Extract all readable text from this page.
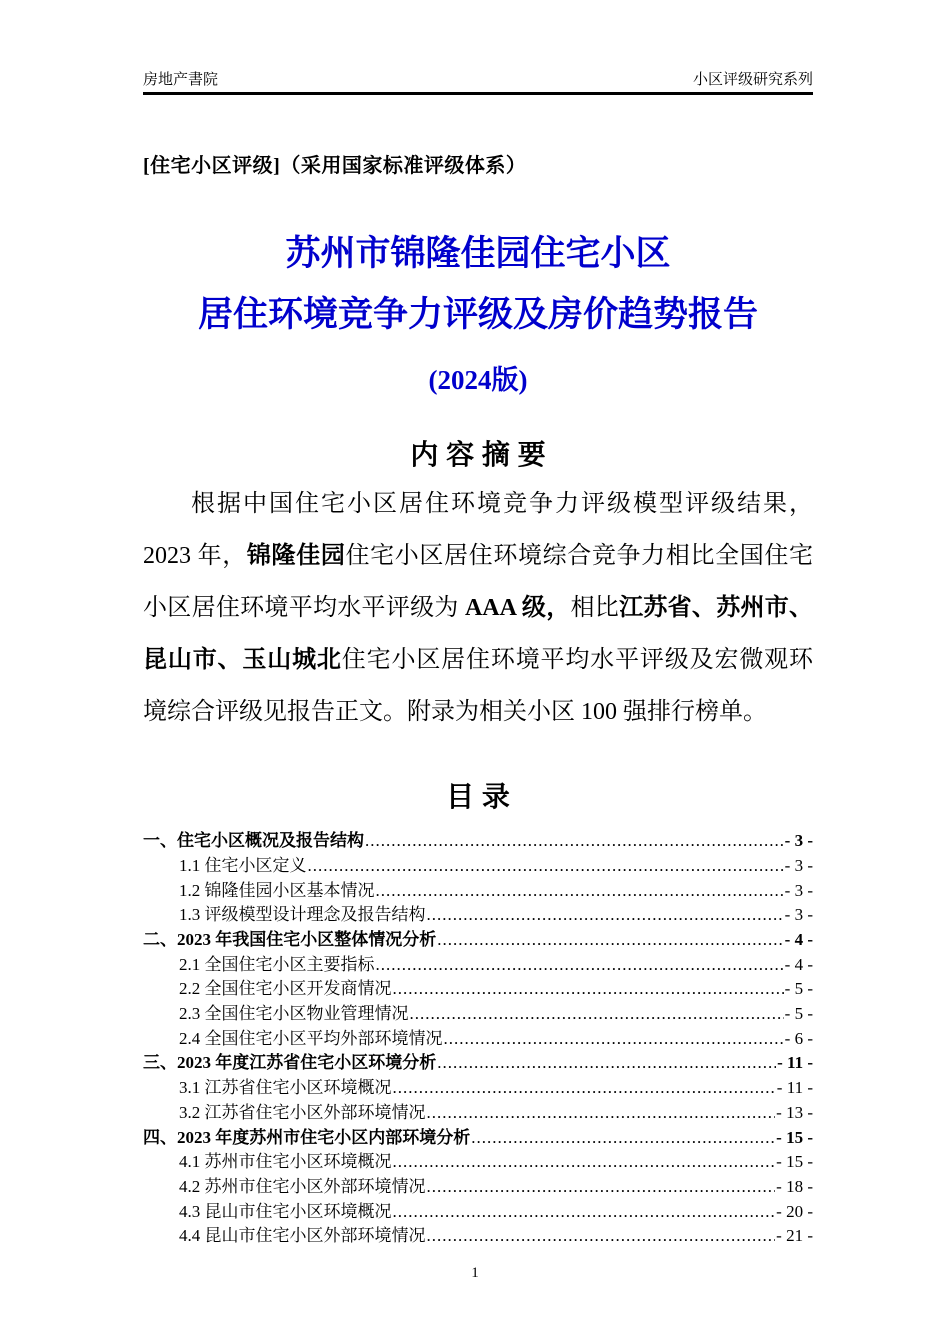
房地产書院	小区评级研究系列

[住宅小区评级]（采用国家标准评级体系）

苏州市锦隆佳园住宅小区
居住环境竞争力评级及房价趋势报告
(2024版)
内 容 摘 要

根据中国住宅小区居住环境竞争力评级模型评级结果，2023 年，锦隆佳园住宅小区居住环境综合竞争力相比全国住宅小区居住环境平均水平评级为 AAA 级，相比江苏省、苏州市、昆山市、玉山城北住宅小区居住环境平均水平评级及宏微观环境综合评级见报告正文。附录为相关小区 100 强排行榜单。

目 录
一、住宅小区概况及报告结构 .....	- 3 -
1.1 住宅小区定义 .....	- 3 -
1.2 锦隆佳园小区基本情况 .....	- 3 -
1.3 评级模型设计理念及报告结构 .....	- 3 -
二、2023 年我国住宅小区整体情况分析 .....	- 4 -
2.1 全国住宅小区主要指标 .....	- 4 -
2.2 全国住宅小区开发商情况 .....	- 5 -
2.3 全国住宅小区物业管理情况 .....	- 5 -
2.4 全国住宅小区平均外部环境情况 .....	- 6 -
三、2023 年度江苏省住宅小区环境分析 .....	- 11 -
3.1 江苏省住宅小区环境概况 .....	- 11 -
3.2 江苏省住宅小区外部环境情况 .....	- 13 -
四、2023 年度苏州市住宅小区内部环境分析 .....	- 15 -
4.1 苏州市住宅小区环境概况 .....	- 15 -
4.2 苏州市住宅小区外部环境情况 .....	- 18 -
4.3 昆山市住宅小区环境概况 .....	- 20 -
4.4 昆山市住宅小区外部环境情况 .....	- 21 -
1
